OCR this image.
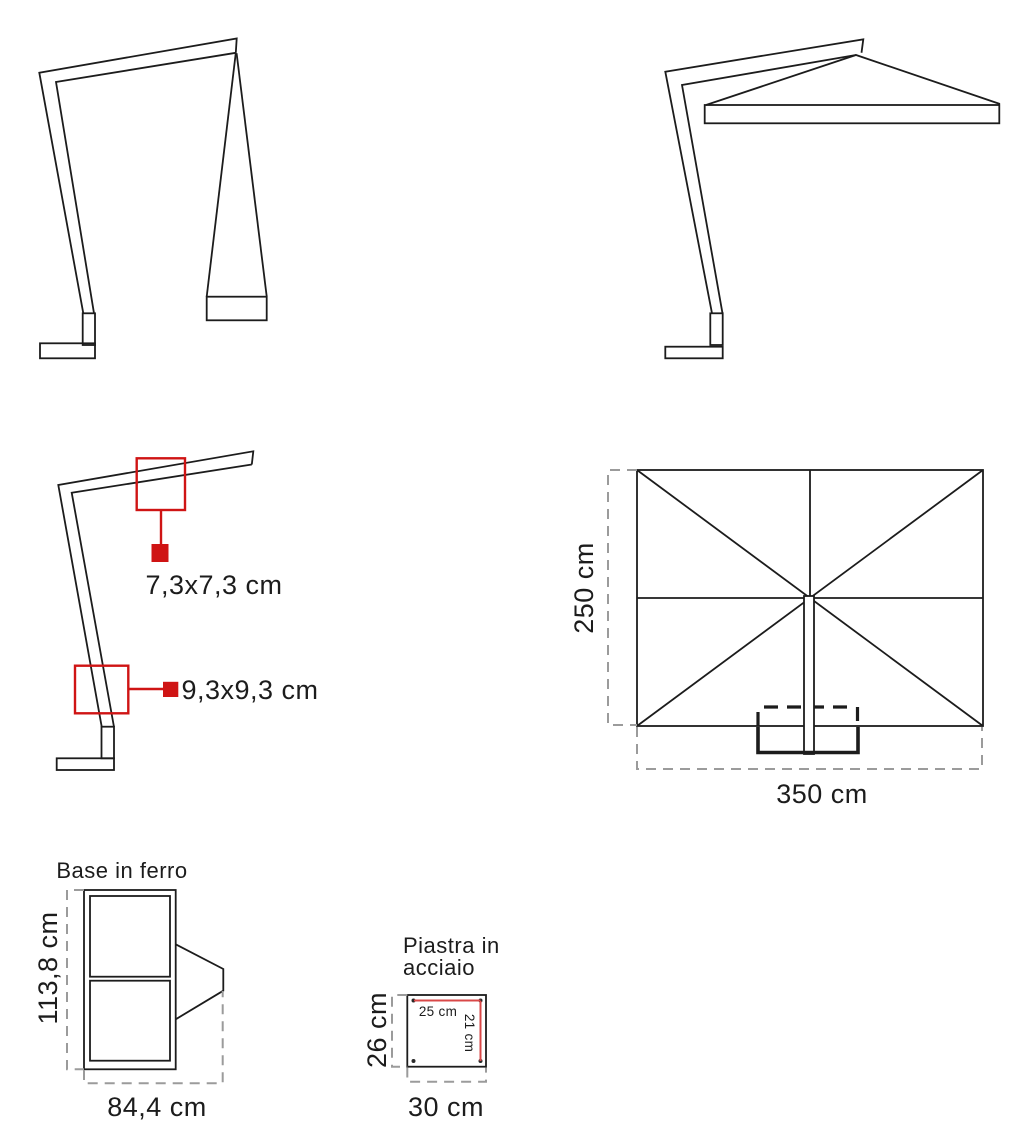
7,3x7,3 cm
9,3x9,3 cm
250 cm
350 cm
Base in ferro
113,8 cm
84,4 cm
Piastra in
acciaio
25 cm
21 cm
26 cm
30 cm
